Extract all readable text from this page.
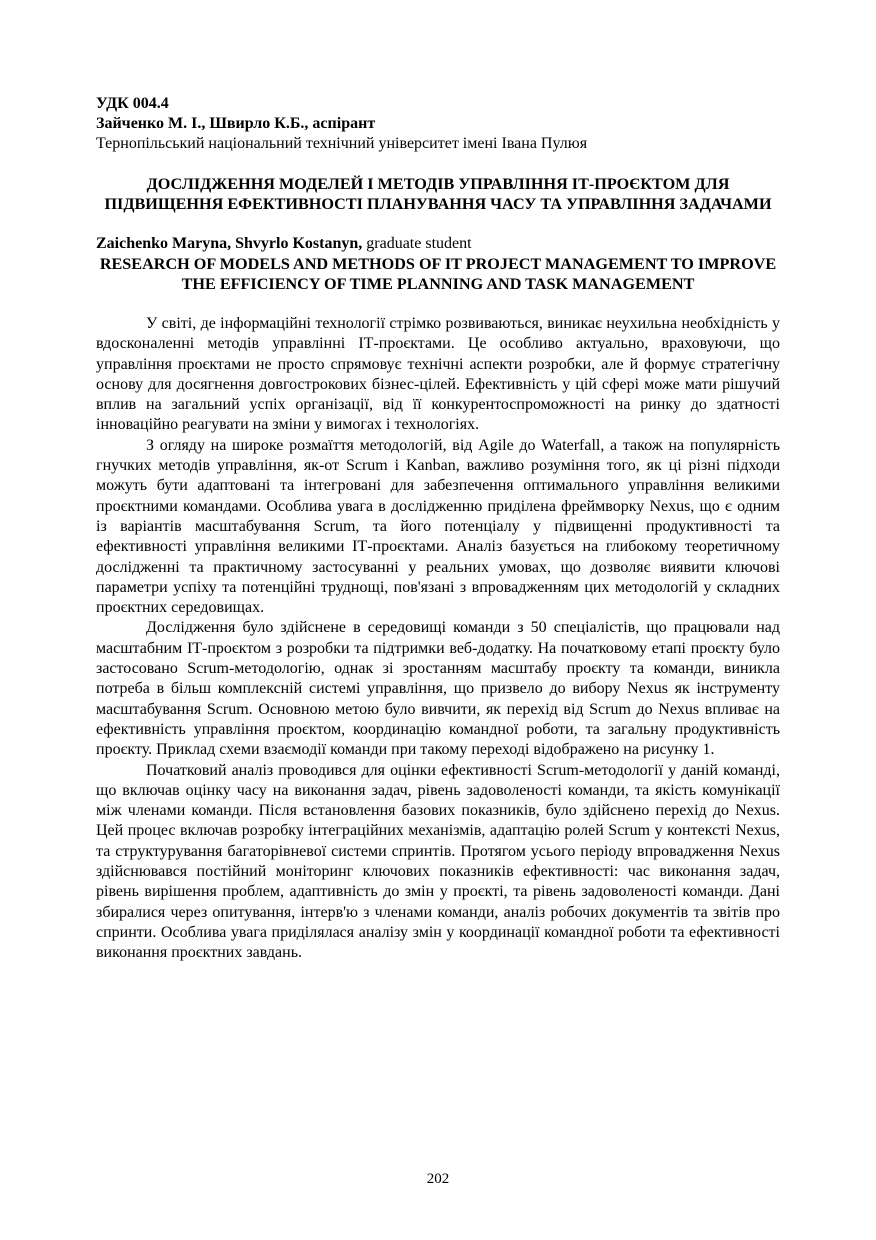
УДК 004.4
Зайченко М. І., Швирло К.Б., аспірант
Тернопільський національний технічний університет імені Івана Пулюя
ДОСЛІДЖЕННЯ МОДЕЛЕЙ І МЕТОДІВ УПРАВЛІННЯ ІТ-ПРОЄКТОМ ДЛЯ ПІДВИЩЕННЯ ЕФЕКТИВНОСТІ ПЛАНУВАННЯ ЧАСУ ТА УПРАВЛІННЯ ЗАДАЧАМИ
Zaichenko Maryna, Shvyrlo Kostanyn, graduate student
RESEARCH OF MODELS AND METHODS OF IT PROJECT MANAGEMENT TO IMPROVE THE EFFICIENCY OF TIME PLANNING AND TASK MANAGEMENT

У світі, де інформаційні технології стрімко розвиваються, виникає неухильна необхідність у вдосконаленні методів управлінні ІТ-проєктами. Це особливо актуально, враховуючи, що управління проєктами не просто спрямовує технічні аспекти розробки, але й формує стратегічну основу для досягнення довгострокових бізнес-цілей. Ефективність у цій сфері може мати рішучий вплив на загальний успіх організації, від її конкурентоспроможності на ринку до здатності інноваційно реагувати на зміни у вимогах і технологіях.

З огляду на широке розмаїття методологій, від Agile до Waterfall, а також на популярність гнучких методів управління, як-от Scrum і Kanban, важливо розуміння того, як ці різні підходи можуть бути адаптовані та інтегровані для забезпечення оптимального управління великими проєктними командами. Особлива увага в дослідженню приділена фреймворку Nexus, що є одним із варіантів масштабування Scrum, та його потенціалу у підвищенні продуктивності та ефективності управління великими ІТ-проєктами. Аналіз базується на глибокому теоретичному дослідженні та практичному застосуванні у реальних умовах, що дозволяє виявити ключові параметри успіху та потенційні труднощі, пов'язані з впровадженням цих методологій у складних проєктних середовищах.

Дослідження було здійснене в середовищі команди з 50 спеціалістів, що працювали над масштабним ІТ-проєктом з розробки та підтримки веб-додатку. На початковому етапі проєкту було застосовано Scrum-методологію, однак зі зростанням масштабу проєкту та команди, виникла потреба в більш комплексній системі управління, що призвело до вибору Nexus як інструменту масштабування Scrum. Основною метою було вивчити, як перехід від Scrum до Nexus впливає на ефективність управління проєктом, координацію командної роботи, та загальну продуктивність проєкту. Приклад схеми взаємодії команди при такому переході відображено на рисунку 1.

Початковий аналіз проводився для оцінки ефективності Scrum-методології у даній команді, що включав оцінку часу на виконання задач, рівень задоволеності команди, та якість комунікації між членами команди. Після встановлення базових показників, було здійснено перехід до Nexus. Цей процес включав розробку інтеграційних механізмів, адаптацію ролей Scrum у контексті Nexus, та структурування багаторівневої системи спринтів. Протягом усього періоду впровадження Nexus здійснювався постійний моніторинг ключових показників ефективності: час виконання задач, рівень вирішення проблем, адаптивність до змін у проєкті, та рівень задоволеності команди. Дані збиралися через опитування, інтерв'ю з членами команди, аналіз робочих документів та звітів про спринти. Особлива увага приділялася аналізу змін у координації командної роботи та ефективності виконання проєктних завдань.

202
